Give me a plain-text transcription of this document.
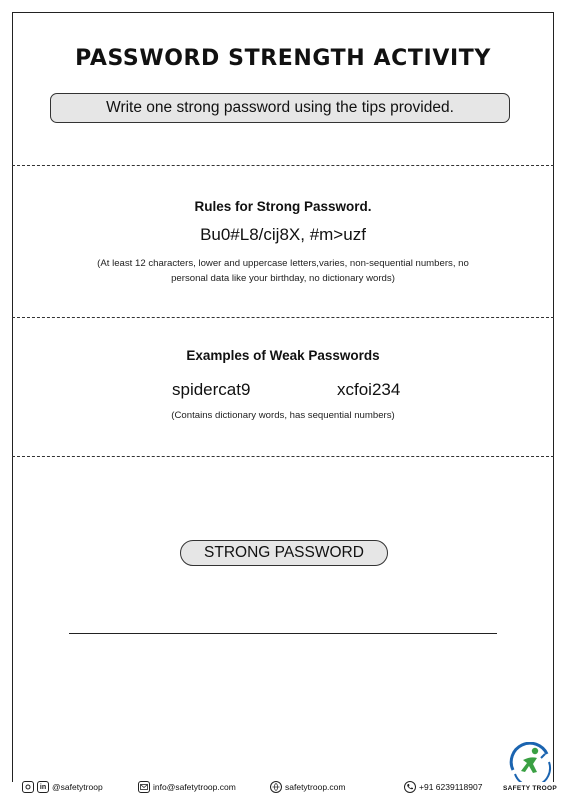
PASSWORD STRENGTH ACTIVITY
Write one strong password using the tips provided.
Rules for Strong Password.
Bu0#L8/cij8X, #m>uzf
(At least 12 characters, lower and uppercase letters,varies, non-sequential numbers, no
personal data like your birthday, no dictionary words)
Examples of Weak Passwords
spidercat9	xcfoi234
(Contains dictionary words, has sequential numbers)
STRONG PASSWORD
in @safetytroop	info@safetytroop.com	safetytroop.com	+91 6239118907	SAFETY TROOP
